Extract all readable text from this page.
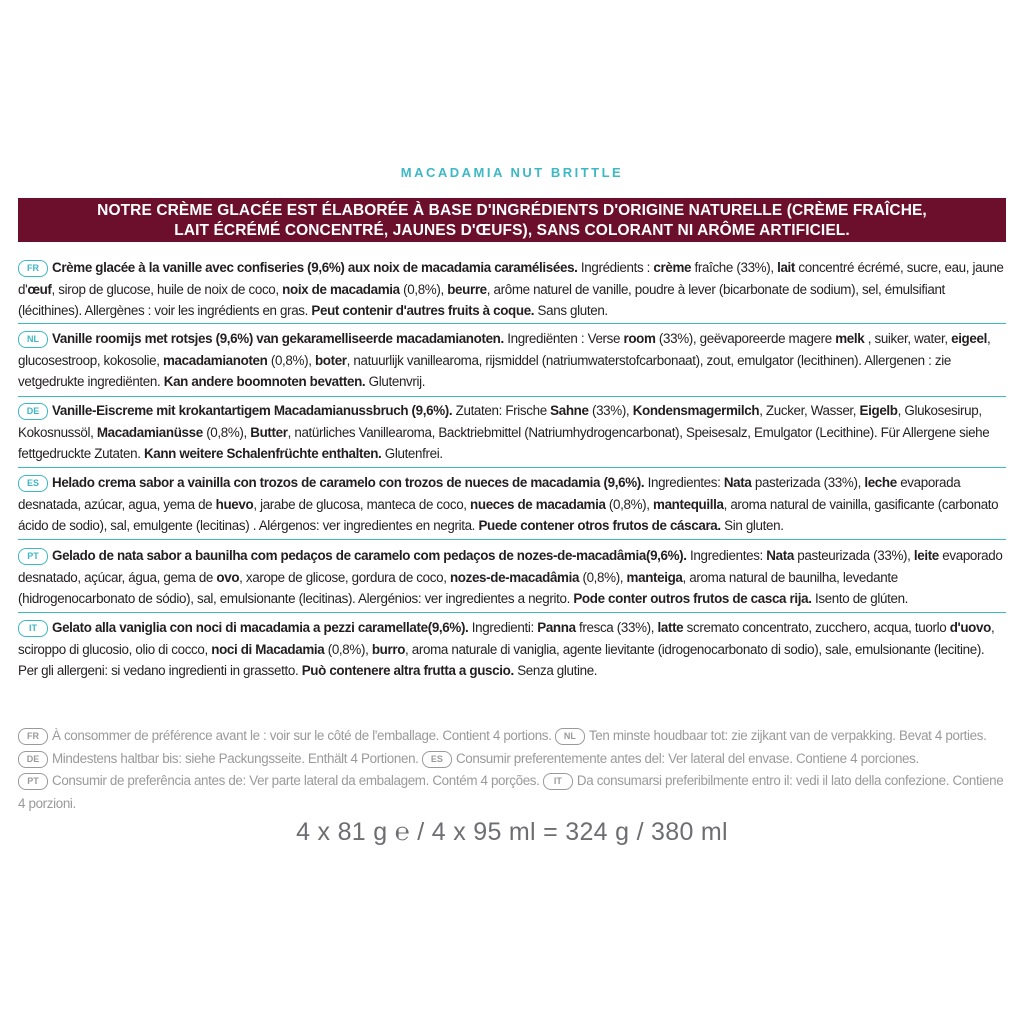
MACADAMIA NUT BRITTLE
NOTRE CRÈME GLACÉE EST ÉLABORÉE À BASE D'INGRÉDIENTS D'ORIGINE NATURELLE (CRÈME FRAÎCHE,
LAIT ÉCRÉMÉ CONCENTRÉ, JAUNES D'ŒUFS), SANS COLORANT NI ARÔME ARTIFICIEL.
FR Crème glacée à la vanille avec confiseries (9,6%) aux noix de macadamia caramélisées. Ingrédients : crème fraîche (33%), lait concentré écrémé, sucre, eau, jaune d'œuf, sirop de glucose, huile de noix de coco, noix de macadamia (0,8%), beurre, arôme naturel de vanille, poudre à lever (bicarbonate de sodium), sel, émulsifiant (lécithines). Allergènes : voir les ingrédients en gras. Peut contenir d'autres fruits à coque. Sans gluten.
NL Vanille roomijs met rotsjes (9,6%) van gekaramelliseerde macadamianoten. Ingrediënten : Verse room (33%), geëvaporeerde magere melk , suiker, water, eigeel, glucosestroop, kokosolie, macadamianoten (0,8%), boter, natuurlijk vanillearoma, rijsmiddel (natriumwaterstofcarbonaat), zout, emulgator (lecithinen). Allergenen : zie vetgedrukte ingrediënten. Kan andere boomnoten bevatten. Glutenvrij.
DE Vanille-Eiscreme mit krokantartigem Macadamianussbruch (9,6%). Zutaten: Frische Sahne (33%), Kondensmagermilch, Zucker, Wasser, Eigelb, Glukosesirup, Kokosnussöl, Macadamianüsse (0,8%), Butter, natürliches Vanillearoma, Backtriebmittel (Natriumhydrogencarbonat), Speisesalz, Emulgator (Lecithine). Für Allergene siehe fettgedruckte Zutaten. Kann weitere Schalenfrüchte enthalten. Glutenfrei.
ES Helado crema sabor a vainilla con trozos de caramelo con trozos de nueces de macadamia (9,6%). Ingredientes: Nata pasterizada (33%), leche evaporada desnatada, azúcar, agua, yema de huevo, jarabe de glucosa, manteca de coco, nueces de macadamia (0,8%), mantequilla, aroma natural de vainilla, gasificante (carbonato ácido de sodio), sal, emulgente (lecitinas) . Alérgenos: ver ingredientes en negrita. Puede contener otros frutos de cáscara. Sin gluten.
PT Gelado de nata sabor a baunilha com pedaços de caramelo com pedaços de nozes-de-macadâmia(9,6%). Ingredientes: Nata pasteurizada (33%), leite evaporado desnatado, açúcar, água, gema de ovo, xarope de glicose, gordura de coco, nozes-de-macadâmia (0,8%), manteiga, aroma natural de baunilha, levedante (hidrogenocarbonato de sódio), sal, emulsionante (lecitinas). Alergénios: ver ingredientes a negrito. Pode conter outros frutos de casca rija. Isento de glúten.
IT Gelato alla vaniglia con noci di macadamia a pezzi caramellate(9,6%). Ingredienti: Panna fresca (33%), latte scremato concentrato, zucchero, acqua, tuorlo d'uovo, sciroppo di glucosio, olio di cocco, noci di Macadamia (0,8%), burro, aroma naturale di vaniglia, agente lievitante (idrogenocarbonato di sodio), sale, emulsionante (lecitine). Per gli allergeni: si vedano ingredienti in grassetto. Può contenere altra frutta a guscio. Senza glutine.
FR À consommer de préférence avant le : voir sur le côté de l'emballage. Contient 4 portions. NL Ten minste houdbaar tot: zie zijkant van de verpakking. Bevat 4 porties.
DE Mindestens haltbar bis: siehe Packungsseite. Enthält 4 Portionen. ES Consumir preferentemente antes del: Ver lateral del envase. Contiene 4 porciones.
PT Consumir de preferência antes de: Ver parte lateral da embalagem. Contém 4 porções. IT Da consumarsi preferibilmente entro il: vedi il lato della confezione. Contiene 4 porzioni.
4 x 81 g ℮ / 4 x 95 ml = 324 g / 380 ml
